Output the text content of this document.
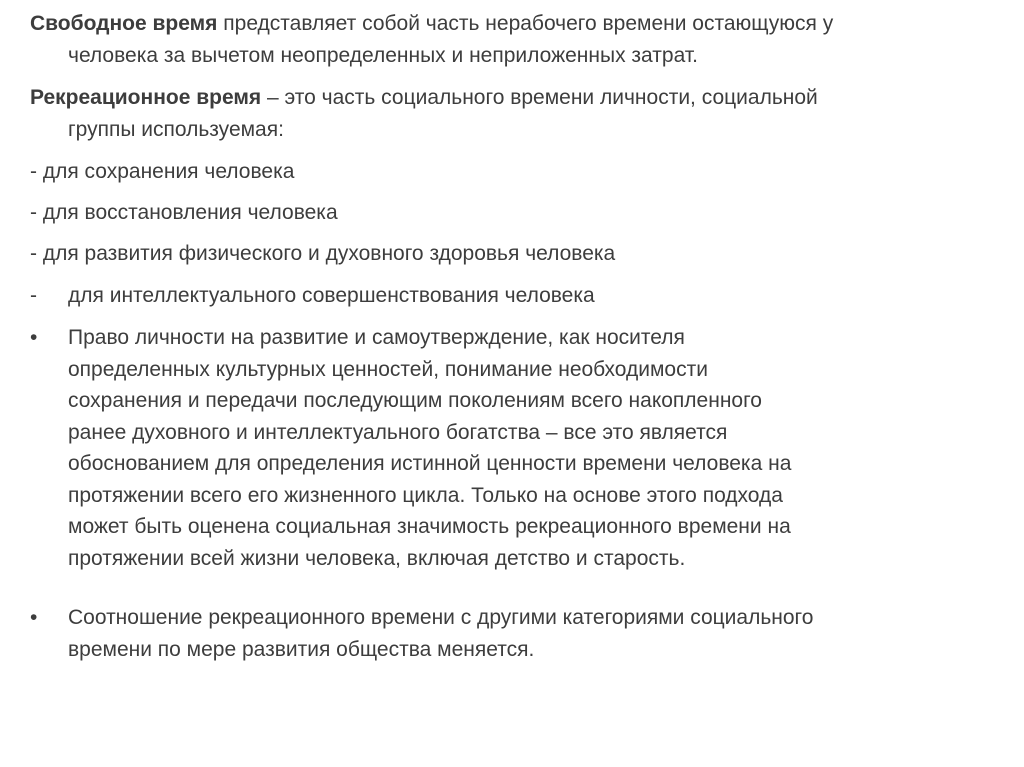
Свободное время представляет собой часть нерабочего времени остающуюся у
человека за вычетом неопределенных и неприложенных затрат.
Рекреационное время – это часть социального времени личности, социальной
группы используемая:
- для сохранения человека
- для восстановления человека
- для развития физического и духовного здоровья человека
-	для интеллектуального совершенствования человека
•	Право личности на развитие и самоутверждение, как носителя
определенных культурных ценностей, понимание необходимости
сохранения и передачи последующим поколениям всего накопленного
ранее духовного и интеллектуального богатства – все это является
обоснованием для определения истинной ценности времени человека на
протяжении всего его жизненного цикла. Только на основе этого подхода
может быть оценена социальная значимость рекреационного времени на
протяжении всей жизни человека, включая детство и старость.
•	Соотношение рекреационного времени с другими категориями социального
времени по мере развития общества меняется.
